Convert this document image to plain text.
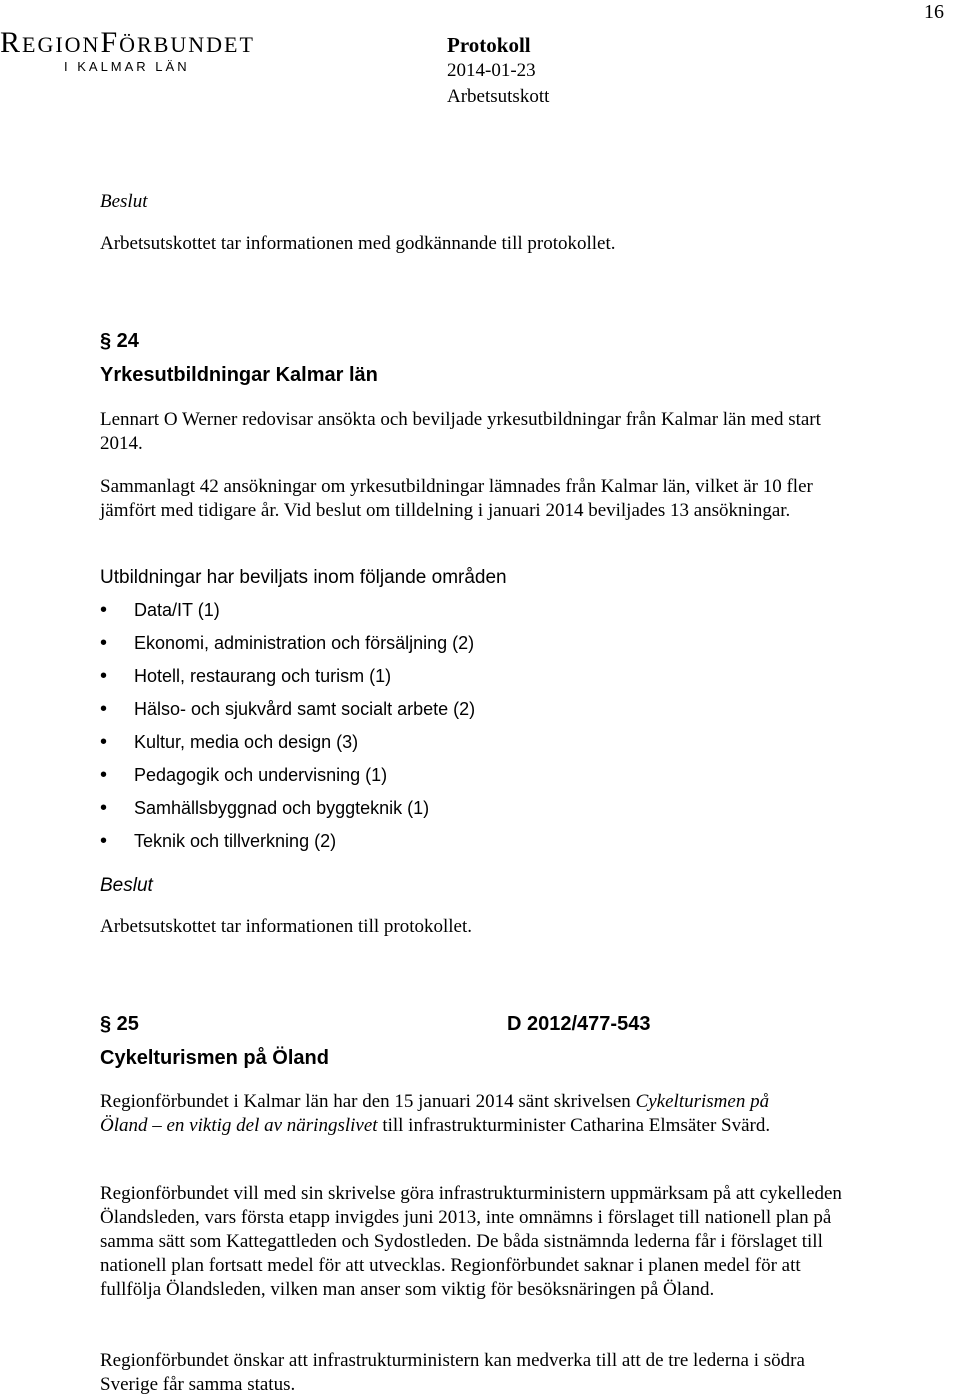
16
REGIONFÖRBUNDET
I KALMAR LÄN
Protokoll
2014-01-23
Arbetsutskott
Beslut
Arbetsutskottet tar informationen med godkännande till protokollet.
§ 24
Yrkesutbildningar Kalmar län
Lennart O Werner redovisar ansökta och beviljade yrkesutbildningar från Kalmar län med start 2014.
Sammanlagt 42 ansökningar om yrkesutbildningar lämnades från Kalmar län, vilket är 10 fler jämfört med tidigare år. Vid beslut om tilldelning i januari 2014 beviljades 13 ansökningar.
Utbildningar har beviljats inom följande områden
• Data/IT (1)
• Ekonomi, administration och försäljning (2)
• Hotell, restaurang och turism (1)
• Hälso- och sjukvård samt socialt arbete (2)
• Kultur, media och design (3)
• Pedagogik och undervisning (1)
• Samhällsbyggnad och byggteknik (1)
• Teknik och tillverkning (2)
Beslut
Arbetsutskottet tar informationen till protokollet.
§ 25	D 2012/477-543
Cykelturismen på Öland
Regionförbundet i Kalmar län har den 15 januari 2014 sänt skrivelsen Cykelturismen på Öland – en viktig del av näringslivet till infrastrukturminister Catharina Elmsäter Svärd.
Regionförbundet vill med sin skrivelse göra infrastrukturministern uppmärksam på att cykelleden Ölandsleden, vars första etapp invigdes juni 2013, inte omnämns i förslaget till nationell plan på samma sätt som Kattegattleden och Sydostleden. De båda sistnämnda lederna får i förslaget till nationell plan fortsatt medel för att utvecklas. Regionförbundet saknar i planen medel för att fullfölja Ölandsleden, vilken man anser som viktig för besöksnäringen på Öland.
Regionförbundet önskar att infrastrukturministern kan medverka till att de tre lederna i södra Sverige får samma status.
